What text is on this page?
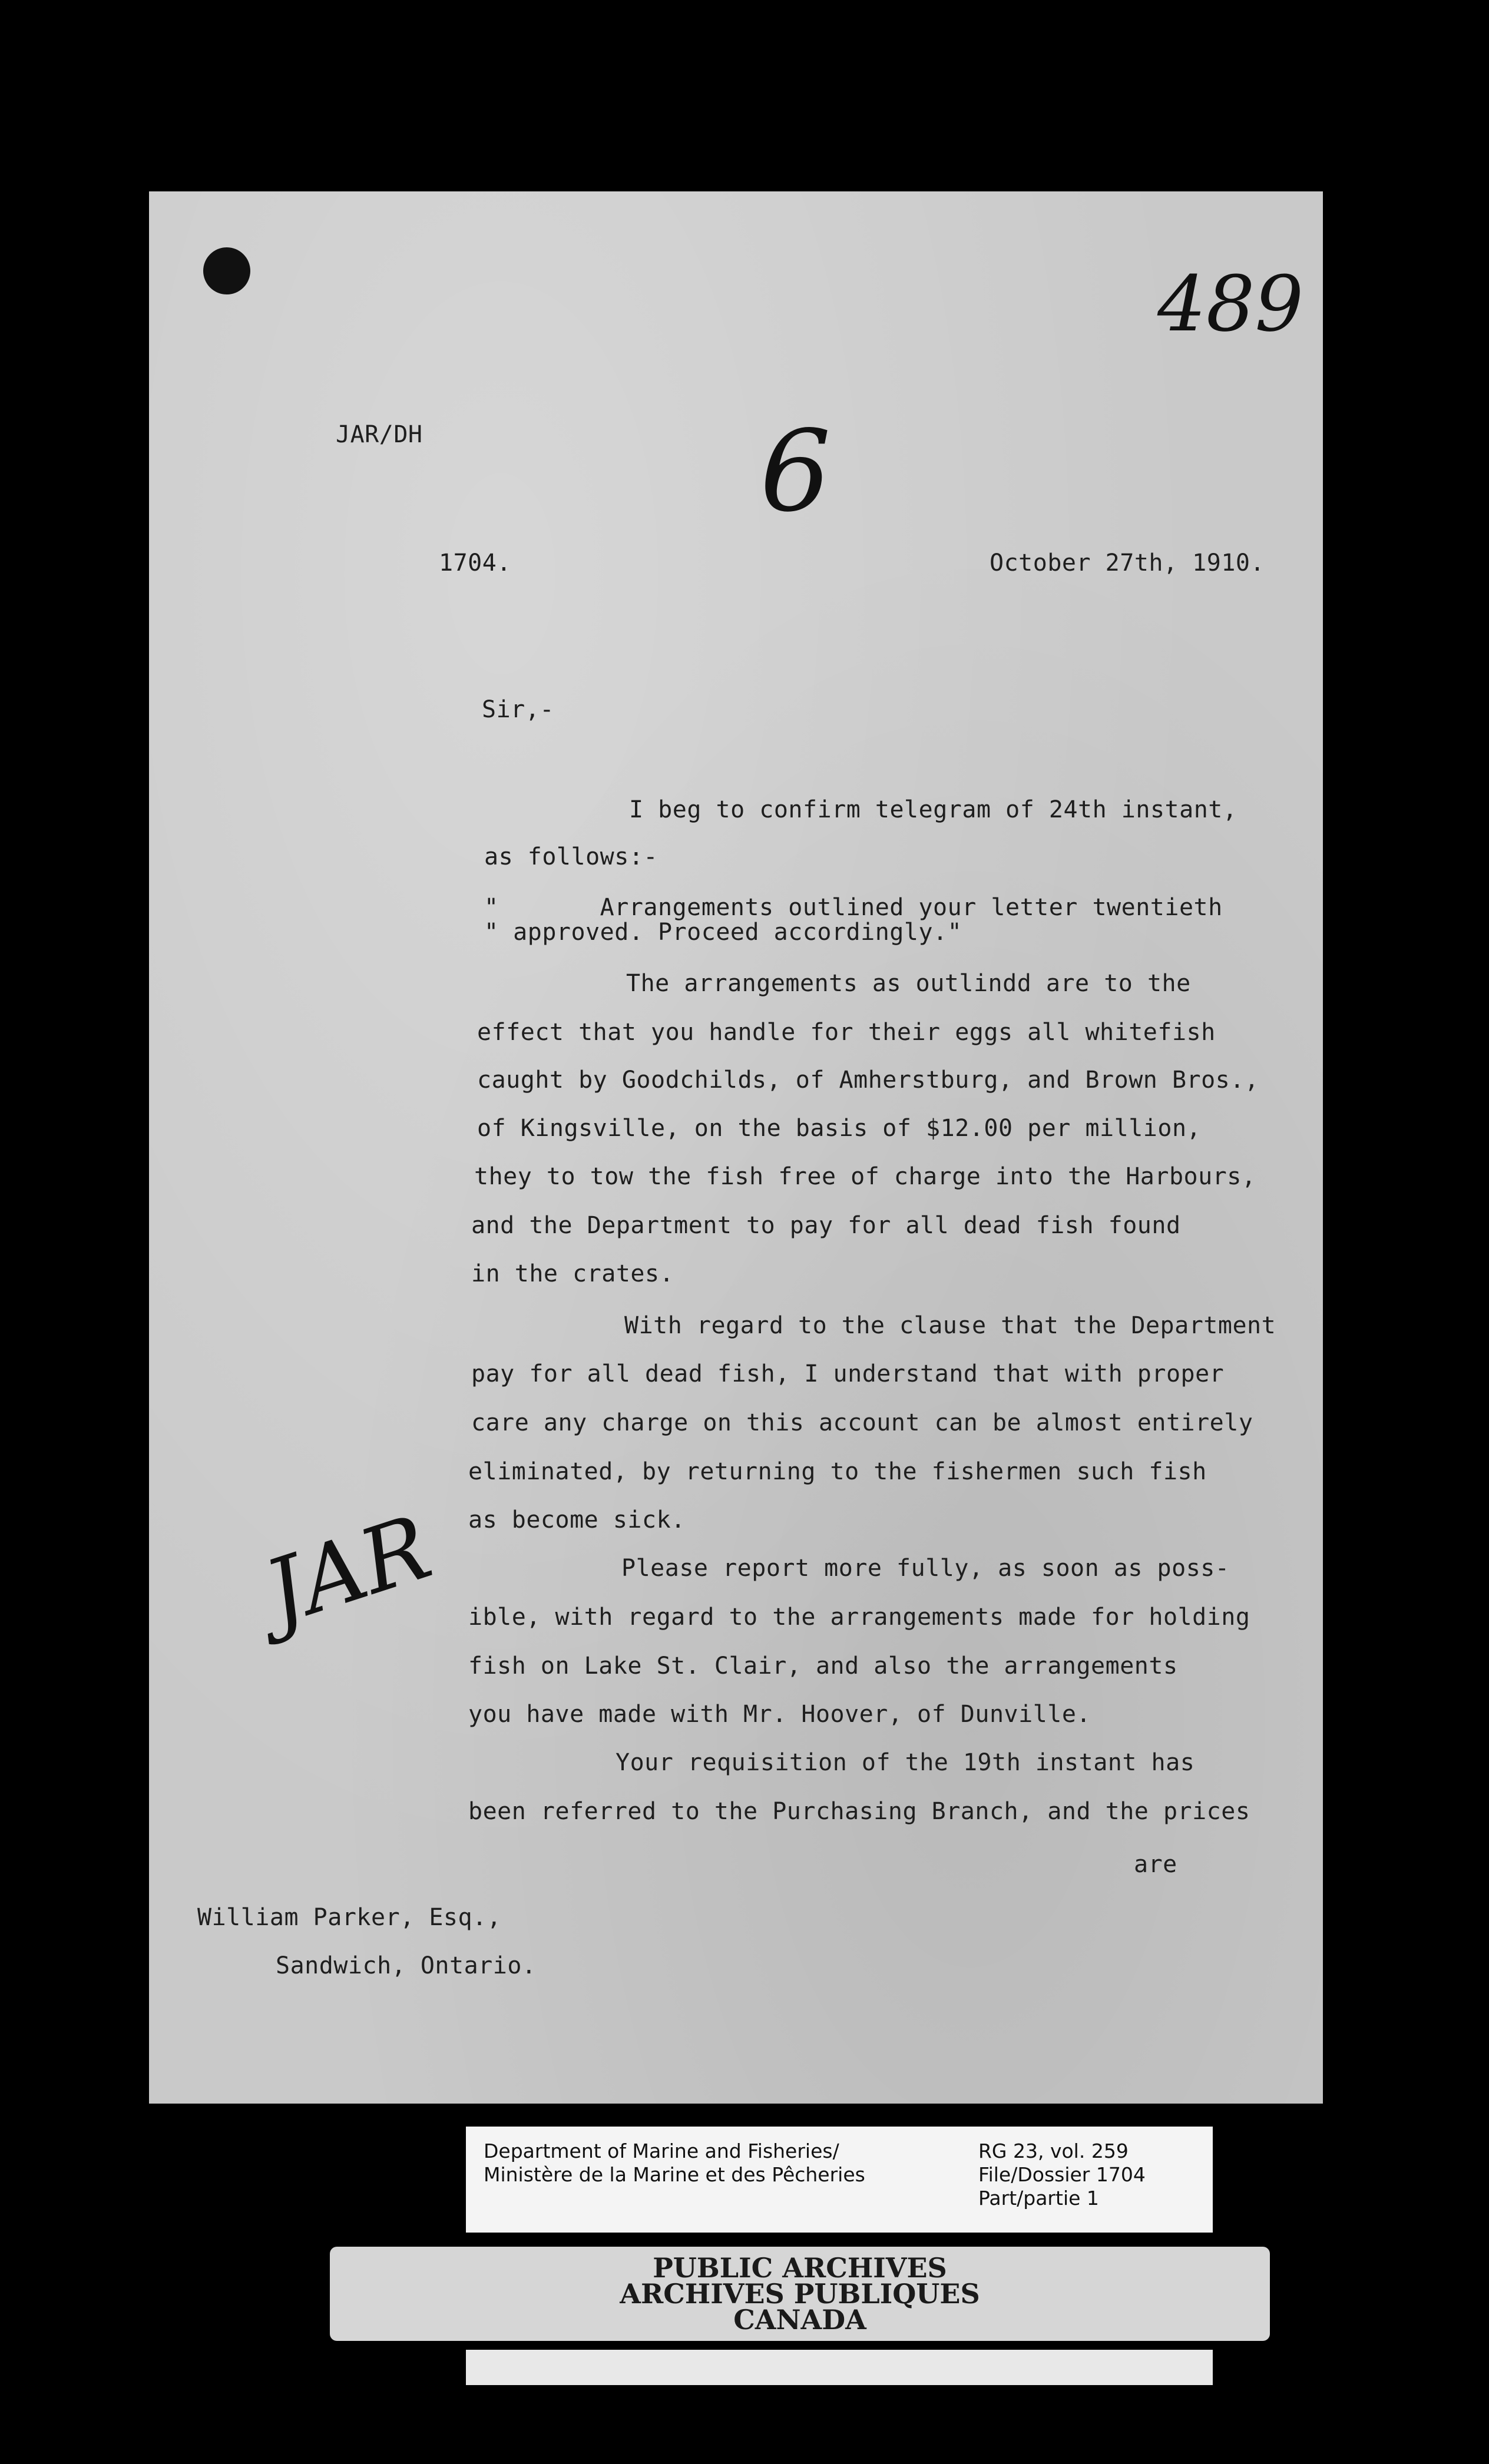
489
JAR/DH	6
1704.	October 27th, 1910.
Sir,-
I beg to confirm telegram of 24th instant,
as follows:-
"       Arrangements outlined your letter twentieth
" approved. Proceed accordingly."
The arrangements as outlindd are to the
effect that you handle for their eggs all whitefish
caught by Goodchilds, of Amherstburg, and Brown Bros.,
of Kingsville, on the basis of $12.00 per million,
they to tow the fish free of charge into the Harbours,
and the Department to pay for all dead fish found
in the crates.
With regard to the clause that the Department
pay for all dead fish, I understand that with proper
care any charge on this account can be almost entirely
eliminated, by returning to the fishermen such fish
as become sick.
Please report more fully, as soon as poss-
ible, with regard to the arrangements made for holding
fish on Lake St. Clair, and also the arrangements
you have made with Mr. Hoover, of Dunville.
Your requisition of the 19th instant has
been referred to the Purchasing Branch, and the prices
are
JAR
William Parker, Esq.,
Sandwich, Ontario.
Department of Marine and Fisheries/
Ministère de la Marine et des Pêcheries
RG 23, vol. 259
File/Dossier 1704
Part/partie 1
PUBLIC ARCHIVES
ARCHIVES PUBLIQUES
CANADA
